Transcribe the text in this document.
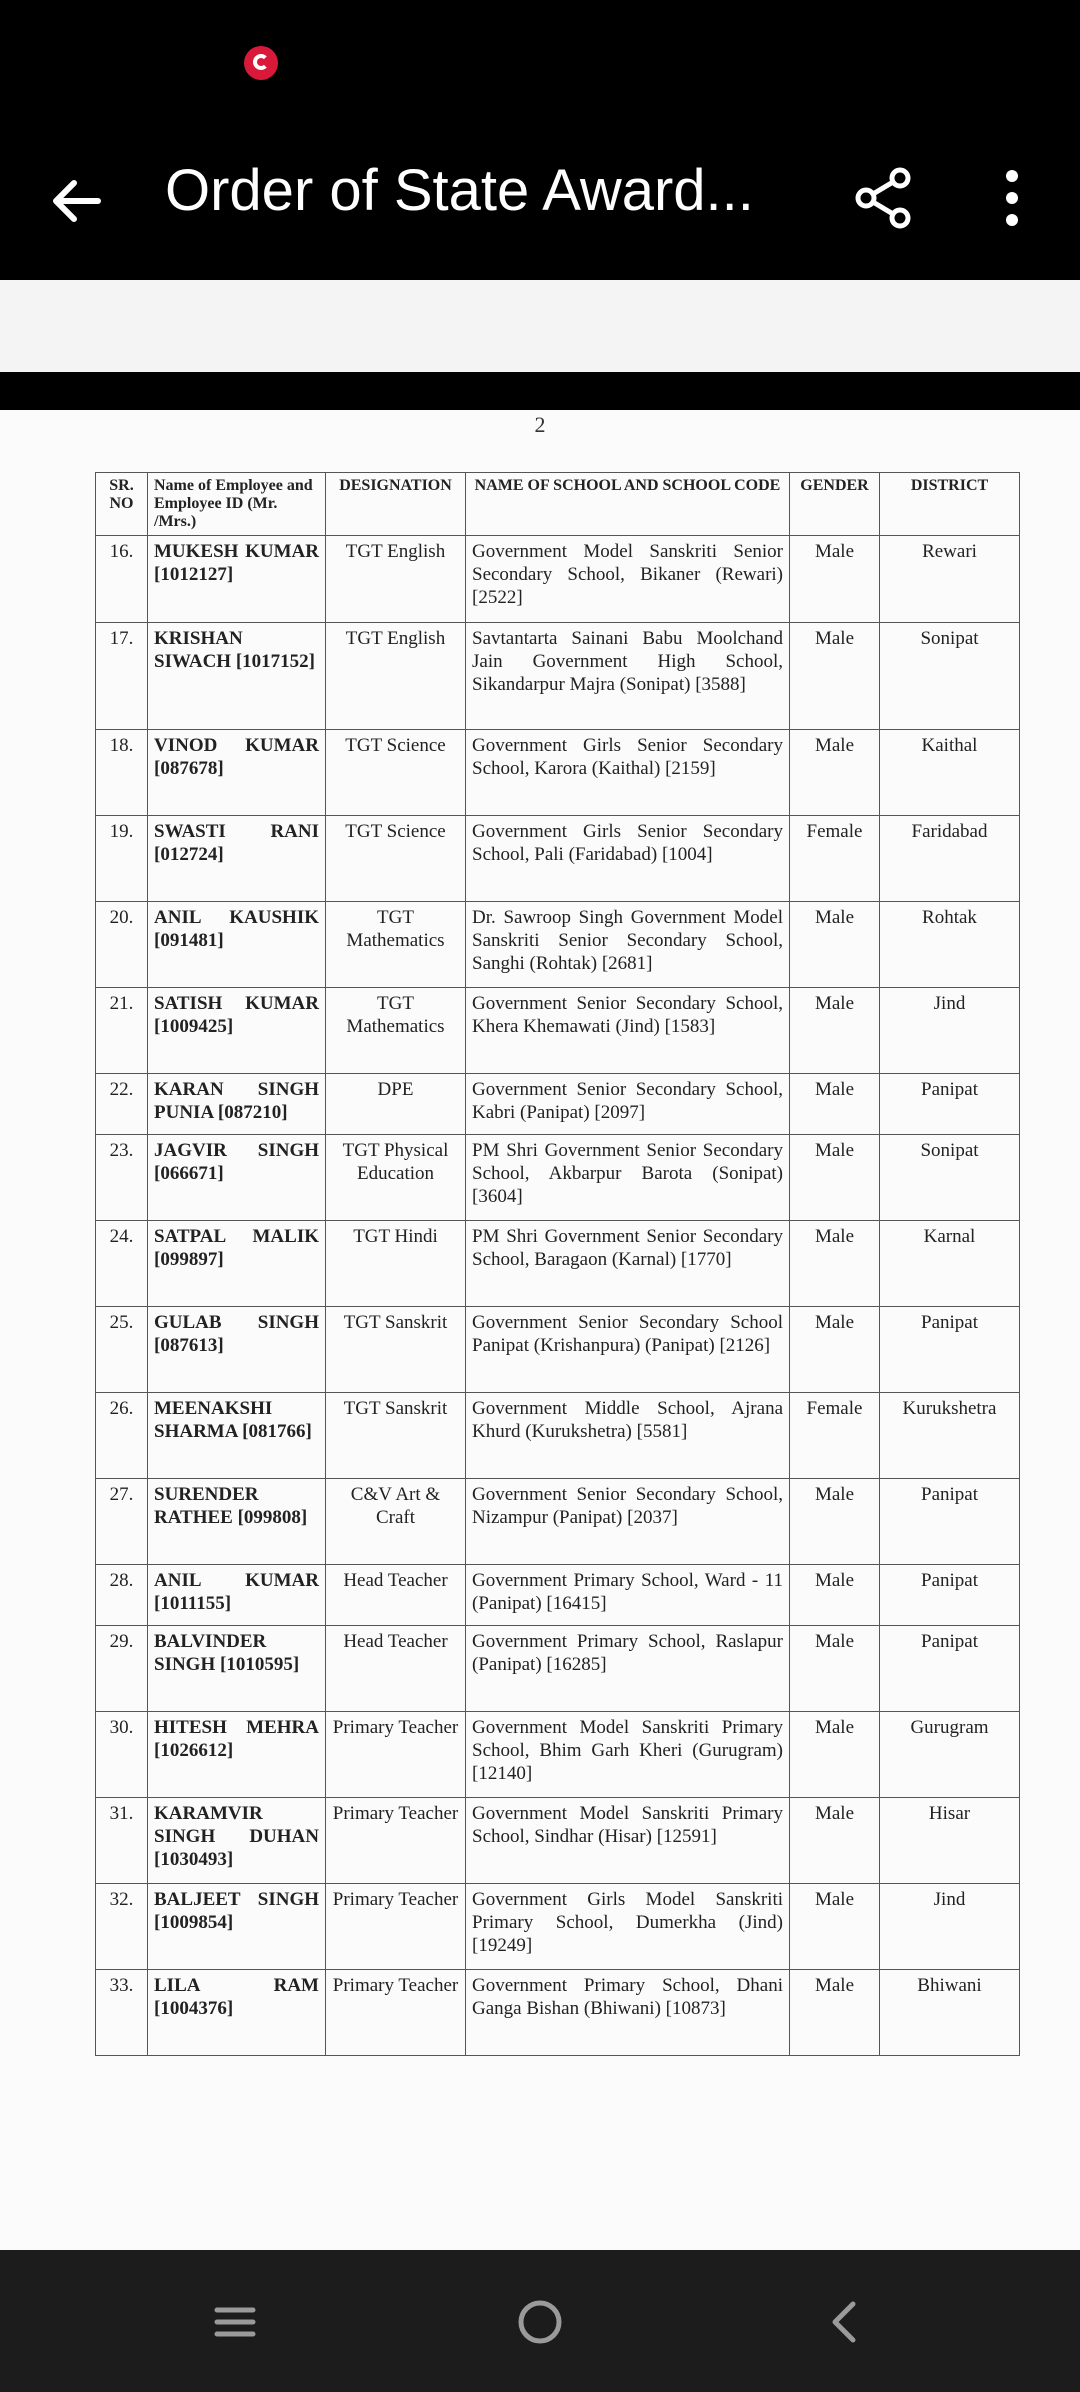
Order of State Award...
2
SR. NO	Name of Employee and Employee ID (Mr. /Mrs.)	DESIGNATION	NAME OF SCHOOL AND SCHOOL CODE	GENDER	DISTRICT
16.	MUKESH KUMAR [1012127]	TGT English	Government Model Sanskriti Senior Secondary School, Bikaner (Rewari) [2522]	Male	Rewari
17.	KRISHAN SIWACH [1017152]	TGT English	Savtantarta Sainani Babu Moolchand Jain Government High School, Sikandarpur Majra (Sonipat) [3588]	Male	Sonipat
18.	VINOD KUMAR [087678]	TGT Science	Government Girls Senior Secondary School, Karora (Kaithal) [2159]	Male	Kaithal
19.	SWASTI RANI [012724]	TGT Science	Government Girls Senior Secondary School, Pali (Faridabad) [1004]	Female	Faridabad
20.	ANIL KAUSHIK [091481]	TGT Mathematics	Dr. Sawroop Singh Government Model Sanskriti Senior Secondary School, Sanghi (Rohtak) [2681]	Male	Rohtak
21.	SATISH KUMAR [1009425]	TGT Mathematics	Government Senior Secondary School, Khera Khemawati (Jind) [1583]	Male	Jind
22.	KARAN SINGH PUNIA [087210]	DPE	Government Senior Secondary School, Kabri (Panipat) [2097]	Male	Panipat
23.	JAGVIR SINGH [066671]	TGT Physical Education	PM Shri Government Senior Secondary School, Akbarpur Barota (Sonipat) [3604]	Male	Sonipat
24.	SATPAL MALIK [099897]	TGT Hindi	PM Shri Government Senior Secondary School, Baragaon (Karnal) [1770]	Male	Karnal
25.	GULAB SINGH [087613]	TGT Sanskrit	Government Senior Secondary School Panipat (Krishanpura) (Panipat) [2126]	Male	Panipat
26.	MEENAKSHI SHARMA [081766]	TGT Sanskrit	Government Middle School, Ajrana Khurd (Kurukshetra) [5581]	Female	Kurukshetra
27.	SURENDER RATHEE [099808]	C&V Art & Craft	Government Senior Secondary School, Nizampur (Panipat) [2037]	Male	Panipat
28.	ANIL KUMAR [1011155]	Head Teacher	Government Primary School, Ward - 11 (Panipat) [16415]	Male	Panipat
29.	BALVINDER SINGH [1010595]	Head Teacher	Government Primary School, Raslapur (Panipat) [16285]	Male	Panipat
30.	HITESH MEHRA [1026612]	Primary Teacher	Government Model Sanskriti Primary School, Bhim Garh Kheri (Gurugram) [12140]	Male	Gurugram
31.	KARAMVIR SINGH DUHAN [1030493]	Primary Teacher	Government Model Sanskriti Primary School, Sindhar (Hisar) [12591]	Male	Hisar
32.	BALJEET SINGH [1009854]	Primary Teacher	Government Girls Model Sanskriti Primary School, Dumerkha (Jind) [19249]	Male	Jind
33.	LILA RAM [1004376]	Primary Teacher	Government Primary School, Dhani Ganga Bishan (Bhiwani) [10873]	Male	Bhiwani
